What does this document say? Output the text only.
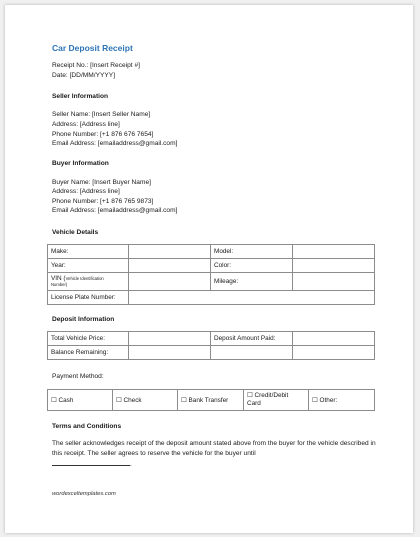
Car Deposit Receipt
Receipt No.: [Insert Receipt #]
Date: [DD/MM/YYYY]
Seller Information
Seller Name: [Insert Seller Name]
Address: [Address line]
Phone Number: [+1 876 676 7654]
Email Address: [emailaddress@gmail.com]
Buyer Information
Buyer Name: [Insert Buyer Name]
Address: [Address line]
Phone Number: [+1 876 765 9873]
Email Address: [emailaddress@gmail.com]
Vehicle Details
Make:		Model:	
Year:		Color:	
VIN (Vehicle Identification
Number)		Mileage:	
License Plate Number:			
Deposit Information
Total Vehicle Price:		Deposit Amount Paid:	
Balance Remaining:			
Payment Method:
☐ Cash	☐ Check	☐ Bank Transfer	☐ Credit/Debit
Card	☐ Other:
Terms and Conditions
The seller acknowledges receipt of the deposit amount stated above from the buyer for the vehicle described in this receipt. The seller agrees to reserve the vehicle for the buyer until
.
wordexceltemplates.com
